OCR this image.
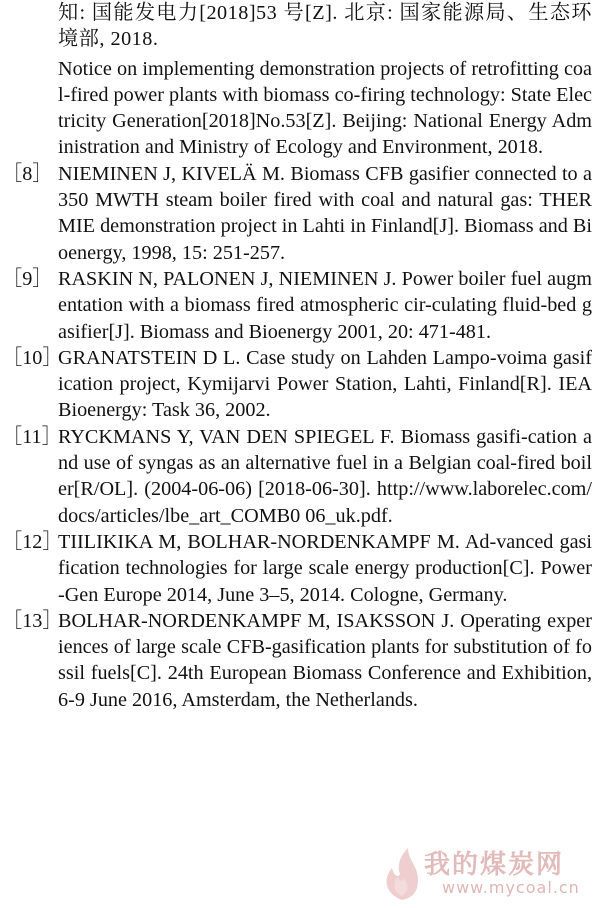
知: 国能发电力[2018]53 号[Z]. 北京: 国家能源局、生态环境部, 2018.
Notice on implementing demonstration projects of retrofitting coal-fired power plants with biomass co-firing technology: State Electricity Generation[2018]No.53[Z]. Beijing: National Energy Administration and Ministry of Ecology and Environment, 2018.
［8］ NIEMINEN J, KIVELÄ M. Biomass CFB gasifier connected to a 350 MWTH steam boiler fired with coal and natural gas: THERMIE demonstration project in Lahti in Finland[J]. Biomass and Bioenergy, 1998, 15: 251-257.
［9］ RASKIN N, PALONEN J, NIEMINEN J. Power boiler fuel augmentation with a biomass fired atmospheric cir-culating fluid-bed gasifier[J]. Biomass and Bioenergy 2001, 20: 471-481.
［10］
GRANATSTEIN D L. Case study on Lahden Lampo-voima gasification project, Kymijarvi Power Station, Lahti, Finland[R]. IEA Bioenergy: Task 36, 2002.
［11］
RYCKMANS Y, VAN DEN SPIEGEL F. Biomass gasifi-cation and use of syngas as an alternative fuel in a Belgian coal-fired boiler[R/OL]. (2004-06-06) [2018-06-30]. http://www.laborelec.com/docs/articles/lbe_art_COMB0 06_uk.pdf.
［12］
TIILIKIKA M, BOLHAR-NORDENKAMPF M. Ad-vanced gasification technologies for large scale energy production[C]. Power-Gen Europe 2014, June 3–5, 2014. Cologne, Germany.
［13］
BOLHAR-NORDENKAMPF M, ISAKSSON J. Operating experiences of large scale CFB-gasification plants for substitution of fossil fuels[C]. 24th European Biomass Conference and Exhibition, 6-9 June 2016, Amsterdam, the Netherlands.
我的煤炭网
www.mycoal.cn
